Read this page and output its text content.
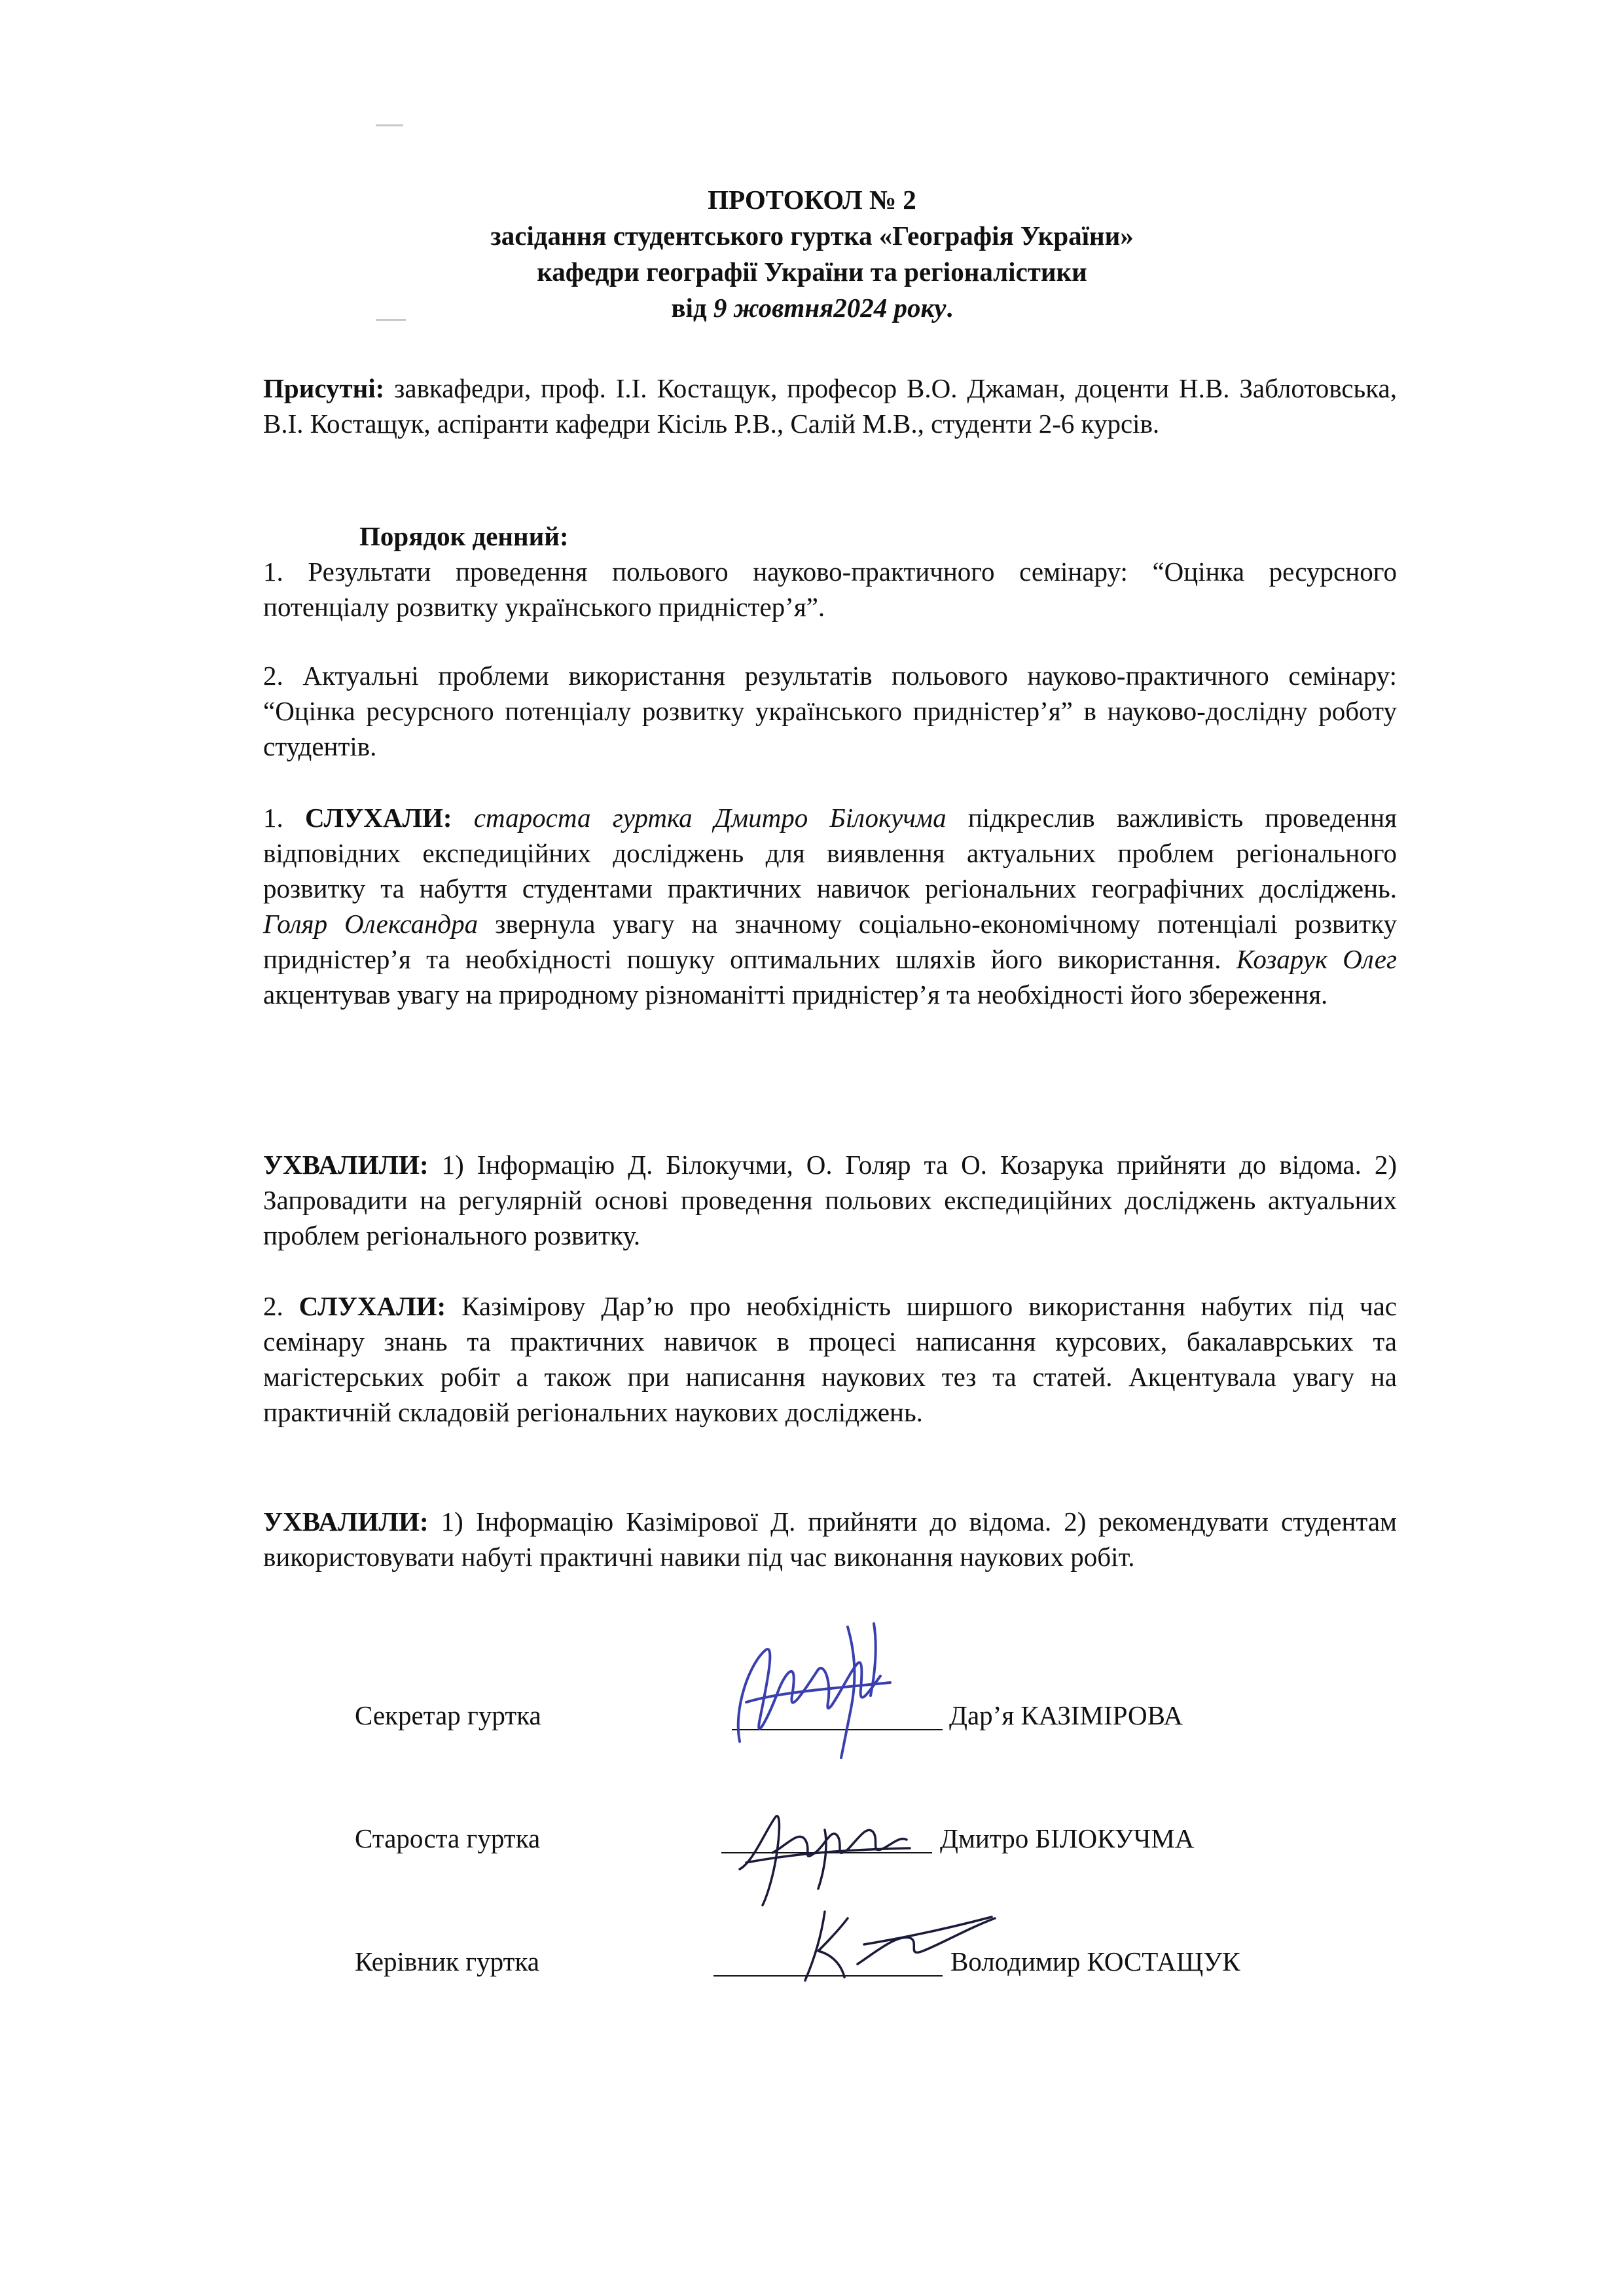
ПРОТОКОЛ № 2
засідання студентського гуртка «Географія України»
кафедри географії України та регіоналістики
від 9 жовтня2024 року.

Присутні: завкафедри, проф. І.І. Костащук, професор В.О. Джаман, доценти Н.В. Заблотовська, В.І. Костащук, аспіранти кафедри Кісіль Р.В., Салій М.В., студенти 2-6 курсів.

Порядок денний:

1. Результати проведення польового науково-практичного семінару: “Оцінка ресурсного потенціалу розвитку українського придністер’я”.

2. Актуальні проблеми використання результатів польового науково-практичного семінару: “Оцінка ресурсного потенціалу розвитку українського придністер’я” в науково-дослідну роботу студентів.

1. СЛУХАЛИ: староста гуртка Дмитро Білокучма підкреслив важливість проведення відповідних експедиційних досліджень для виявлення актуальних проблем регіонального розвитку та набуття студентами практичних навичок регіональних географічних досліджень. Голяр Олександра звернула увагу на значному соціально-економічному потенціалі розвитку придністер’я та необхідності пошуку оптимальних шляхів його використання. Козарук Олег акцентував увагу на природному різноманітті придністер’я та необхідності його збереження.

УХВАЛИЛИ: 1) Інформацію Д. Білокучми, О. Голяр та О. Козарука прийняти до відома. 2) Запровадити на регулярній основі проведення польових експедиційних досліджень актуальних проблем регіонального розвитку.

2. СЛУХАЛИ: Казімірову Дар’ю про необхідність ширшого використання набутих під час семінару знань та практичних навичок в процесі написання курсових, бакалаврських та магістерських робіт а також при написання наукових тез та статей. Акцентувала увагу на практичній складовій регіональних наукових досліджень.

УХВАЛИЛИ: 1) Інформацію Казімірової Д. прийняти до відома. 2) рекомендувати студентам використовувати набуті практичні навики під час виконання наукових робіт.

Секретар гуртка	Дар’я КАЗІМІРОВА
Староста гуртка	Дмитро БІЛОКУЧМА
Керівник гуртка	Володимир КОСТАЩУК
